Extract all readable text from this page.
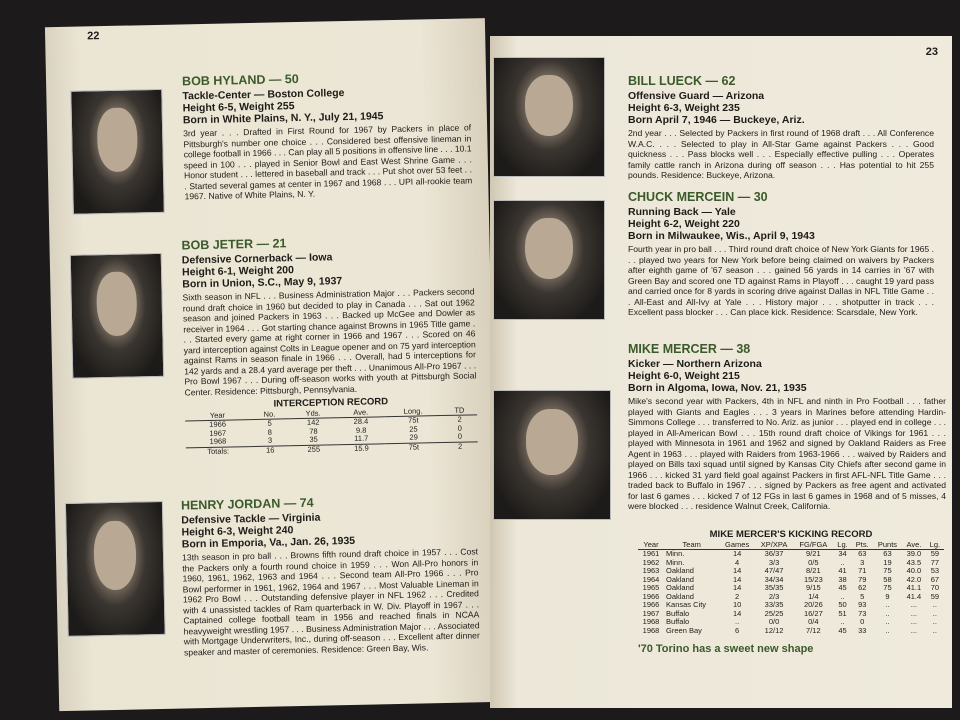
22
BOB HYLAND — 50
Tackle-Center — Boston College
Height 6-5, Weight 255
Born in White Plains, N. Y., July 21, 1945
3rd year . . . Drafted in First Round for 1967 by Packers in place of Pittsburgh's number one choice . . . Considered best offensive lineman in college football in 1966 . . . Can play all 5 positions in offensive line . . . 10.1 speed in 100 . . . played in Senior Bowl and East West Shrine Game . . . Honor student . . . lettered in baseball and track . . . Put shot over 53 feet . . . Started several games at center in 1967 and 1968 . . . UPI all-rookie team 1967. Native of White Plains, N. Y.
BOB JETER — 21
Defensive Cornerback — Iowa
Height 6-1, Weight 200
Born in Union, S.C., May 9, 1937
Sixth season in NFL . . . Business Administration Major . . . Packers second round draft choice in 1960 but decided to play in Canada . . . Sat out 1962 season and joined Packers in 1963 . . . Backed up McGee and Dowler as receiver in 1964 . . . Got starting chance against Browns in 1965 Title game . . . Started every game at right corner in 1966 and 1967 . . . Scored on 46 yard interception against Colts in League opener and on 75 yard interception against Rams in season finale in 1966 . . . Overall, had 5 interceptions for 142 yards and a 28.4 yard average per theft . . . Unanimous All-Pro 1967 . . . Pro Bowl 1967 . . . During off-season works with youth at Pittsburgh Social Center. Residence: Pittsburgh, Pennsylvania.
INTERCEPTION RECORD
Year	No.	Yds.	Ave.	Long.	TD
1966	5	142	28.4	75t	2
1967	8	78	9.8	25	0
1968	3	35	11.7	29	0
Totals:	16	255	15.9	75t	2
HENRY JORDAN — 74
Defensive Tackle — Virginia
Height 6-3, Weight 240
Born in Emporia, Va., Jan. 26, 1935
13th season in pro ball . . . Browns fifth round draft choice in 1957 . . . Cost the Packers only a fourth round choice in 1959 . . . Won All-Pro honors in 1960, 1961, 1962, 1963 and 1964 . . . Second team All-Pro 1966 . . . Pro Bowl performer in 1961, 1962, 1964 and 1967 . . . Most Valuable Lineman in 1962 Pro Bowl . . . Outstanding defensive player in NFL 1962 . . . Credited with 4 unassisted tackles of Ram quarterback in W. Div. Playoff in 1967 . . . Captained college football team in 1956 and reached finals in NCAA heavyweight wrestling 1957 . . . Business Administration Major . . . Associated with Mortgage Underwriters, Inc., during off-season . . . Excellent after dinner speaker and master of ceremonies. Residence: Green Bay, Wis.
23
BILL LUECK — 62
Offensive Guard — Arizona
Height 6-3, Weight 235
Born April 7, 1946 — Buckeye, Ariz.
2nd year . . . Selected by Packers in first round of 1968 draft . . . All Conference W.A.C. . . . Selected to play in All-Star Game against Packers . . . Good quickness . . . Pass blocks well . . . Especially effective pulling . . . Operates family cattle ranch in Arizona during off season . . . Has potential to hit 255 pounds. Residence: Buckeye, Arizona.
CHUCK MERCEIN — 30
Running Back — Yale
Height 6-2, Weight 220
Born in Milwaukee, Wis., April 9, 1943
Fourth year in pro ball . . . Third round draft choice of New York Giants for 1965 . . . played two years for New York before being claimed on waivers by Packers after eighth game of '67 season . . . gained 56 yards in 14 carries in '67 with Green Bay and scored one TD against Rams in Playoff . . . caught 19 yard pass and carried once for 8 yards in scoring drive against Dallas in NFL Title Game . . . All-East and All-Ivy at Yale . . . History major . . . shotputter in track . . . Excellent pass blocker . . . Can place kick. Residence: Scarsdale, New York.
MIKE MERCER — 38
Kicker — Northern Arizona
Height 6-0, Weight 215
Born in Algoma, Iowa, Nov. 21, 1935
Mike's second year with Packers, 4th in NFL and ninth in Pro Football . . . father played with Giants and Eagles . . . 3 years in Marines before attending Hardin-Simmons College . . . transferred to No. Ariz. as junior . . . played end in college . . . played in All-American Bowl . . . 15th round draft choice of Vikings for 1961 . . . played with Minnesota in 1961 and 1962 and signed by Oakland Raiders as Free Agent in 1963 . . . played with Raiders from 1963-1966 . . . waived by Raiders and played on Bills taxi squad until signed by Kansas City Chiefs after second game in 1966 . . . kicked 31 yard field goal against Packers in first AFL-NFL Title Game . . . traded back to Buffalo in 1967 . . . signed by Packers as free agent and activated for last 6 games . . . kicked 7 of 12 FGs in last 6 games in 1968 and of 5 misses, 4 were blocked . . . residence Walnut Creek, California.
MIKE MERCER'S KICKING RECORD
Year	Team	Games	XP/XPA	FG/FGA	Lg.	Pts.	Punts	Ave.	Lg.
1961	Minn.	14	36/37	9/21	34	63	63	39.0	59
1962	Minn.	4	3/3	0/5	..	3	19	43.5	77
1963	Oakland	14	47/47	8/21	41	71	75	40.0	53
1964	Oakland	14	34/34	15/23	38	79	58	42.0	67
1965	Oakland	14	35/35	9/15	45	62	75	41.1	70
1966	Oakland	2	2/3	1/4	..	5	9	41.4	59
1966	Kansas City	10	33/35	20/26	50	93	..	...	..
1967	Buffalo	14	25/25	16/27	51	73	..	...	..
1968	Buffalo	..	0/0	0/4	..	0	..	...	..
1968	Green Bay	6	12/12	7/12	45	33	..	...	..
'70 Torino has a sweet new shape
